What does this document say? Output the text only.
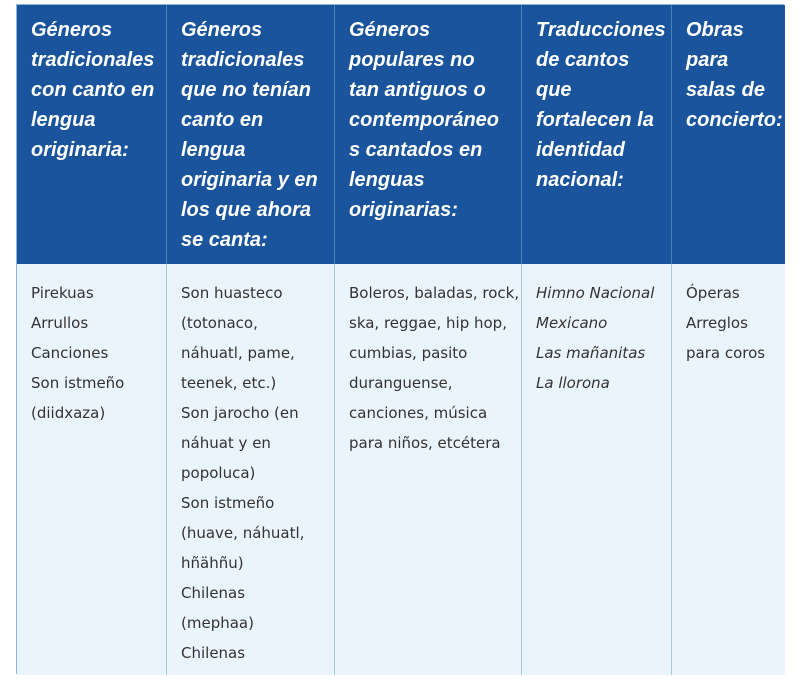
Géneros
tradicionales
con canto en
lengua
originaria:
Géneros
tradicionales
que no tenían
canto en
lengua
originaria y en
los que ahora
se canta:
Géneros
populares no
tan antiguos o
contemporáneo
s cantados en
lenguas
originarias:
Traducciones
de cantos
que
fortalecen la
identidad
nacional:
Obras
para
salas de
concierto:
Pirekuas
Arrullos
Canciones
Son istmeño
(diidxaza)
Son huasteco
(totonaco,
náhuatl, pame,
teenek, etc.)
Son jarocho (en
náhuat y en
popoluca)
Son istmeño
(huave, náhuatl,
hñähñu)
Chilenas
(mephaa)
Chilenas
Boleros, baladas, rock,
ska, reggae, hip hop,
cumbias, pasito
duranguense,
canciones, música
para niños, etcétera
Himno Nacional
Mexicano
Las mañanitas
La llorona
Óperas
Arreglos
para coros
